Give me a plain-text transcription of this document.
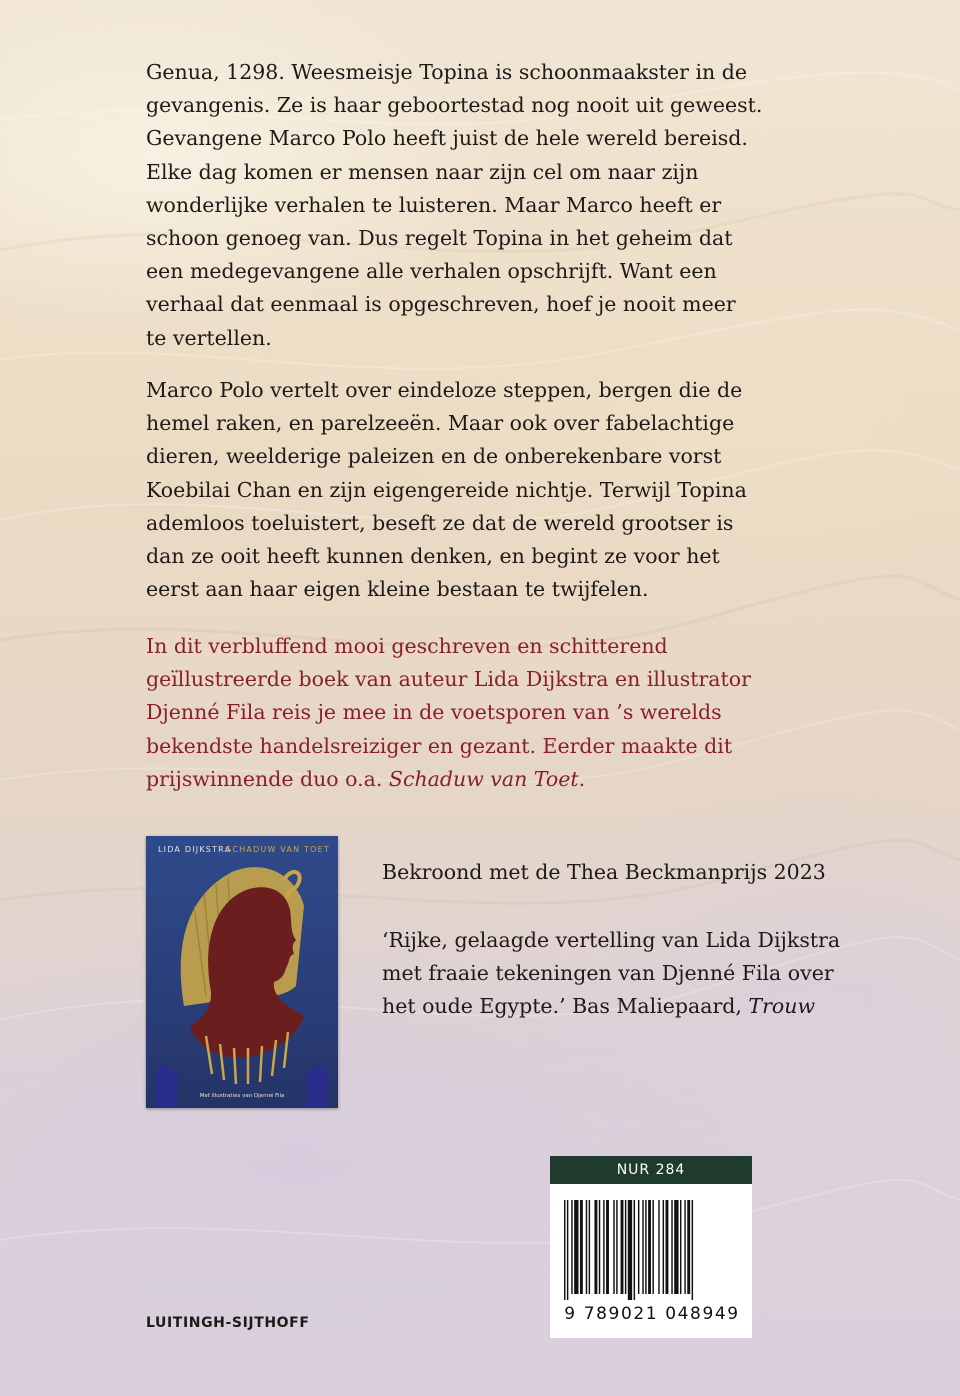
Genua, 1298. Weesmeisje Topina is schoonmaakster in de
gevangenis. Ze is haar geboortestad nog nooit uit geweest.
Gevangene Marco Polo heeft juist de hele wereld bereisd.
Elke dag komen er mensen naar zijn cel om naar zijn
wonderlijke verhalen te luisteren. Maar Marco heeft er
schoon genoeg van. Dus regelt Topina in het geheim dat
een medegevangene alle verhalen opschrijft. Want een
verhaal dat eenmaal is opgeschreven, hoef je nooit meer
te vertellen.
Marco Polo vertelt over eindeloze steppen, bergen die de
hemel raken, en parelzeeën. Maar ook over fabelachtige
dieren, weelderige paleizen en de onberekenbare vorst
Koebilai Chan en zijn eigengereide nichtje. Terwijl Topina
ademloos toeluistert, beseft ze dat de wereld grootser is
dan ze ooit heeft kunnen denken, en begint ze voor het
eerst aan haar eigen kleine bestaan te twijfelen.
In dit verbluffend mooi geschreven en schitterend
geïllustreerde boek van auteur Lida Dijkstra en illustrator
Djenné Fila reis je mee in de voetsporen van ’s werelds
bekendste handelsreiziger en gezant. Eerder maakte dit
prijswinnende duo o.a. Schaduw van Toet.
LIDA DIJKSTRA
SCHADUW VAN TOET
Met illustraties van Djenné Fila
Bekroond met de Thea Beckmanprijs 2023
‘Rijke, gelaagde vertelling van Lida Dijkstra
met fraaie tekeningen van Djenné Fila over
het oude Egypte.’ Bas Maliepaard, Trouw
NUR 284
9 789021 048949
LUITINGH-SIJTHOFF
